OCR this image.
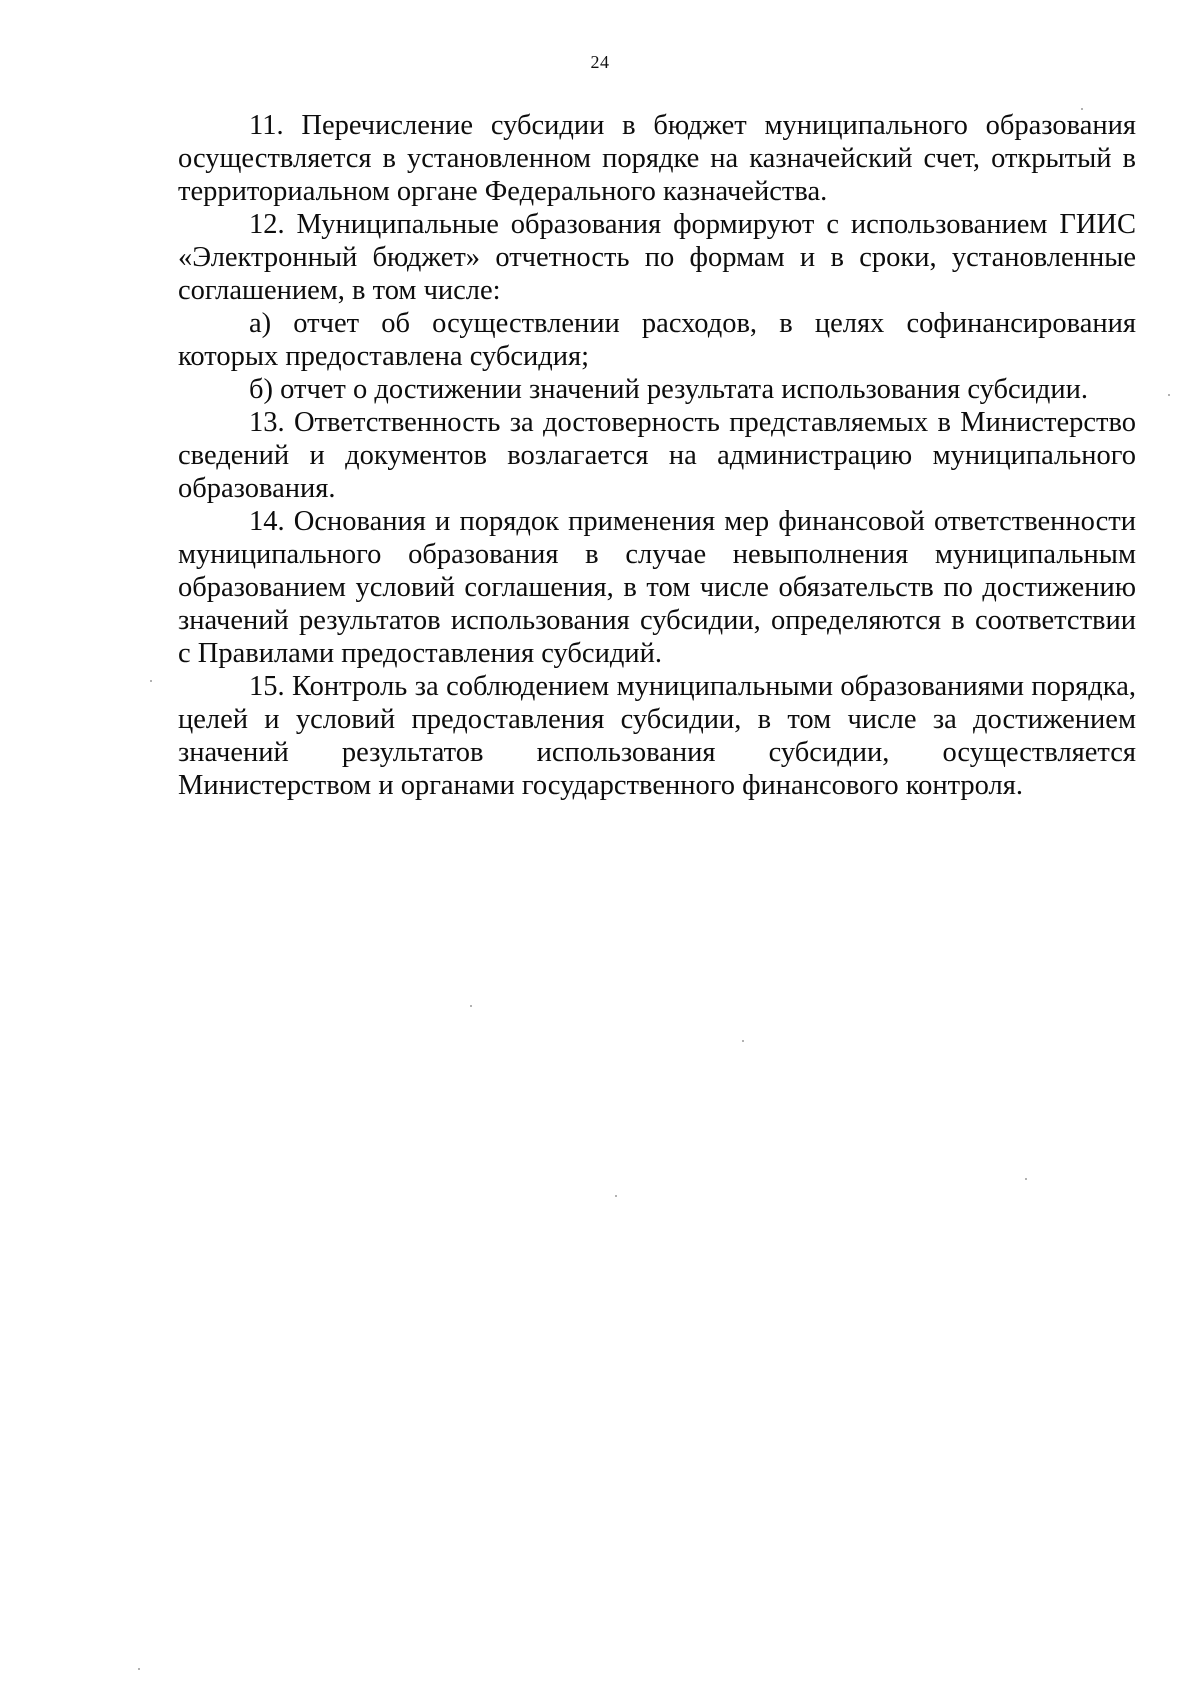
24

11. Перечисление субсидии в бюджет муниципального образования осуществляется в установленном порядке на казначейский счет, открытый в территориальном органе Федерального казначейства.

12. Муниципальные образования формируют с использованием ГИИС «Электронный бюджет» отчетность по формам и в сроки, установленные соглашением, в том числе:

а) отчет об осуществлении расходов, в целях софинансирования которых предоставлена субсидия;

б) отчет о достижении значений результата использования субсидии.

13. Ответственность за достоверность представляемых в Министерство сведений и документов возлагается на администрацию муниципального образования.

14. Основания и порядок применения мер финансовой ответственности муниципального образования в случае невыполнения муниципальным образованием условий соглашения, в том числе обязательств по достижению значений результатов использования субсидии, определяются в соответствии с Правилами предоставления субсидий.

15. Контроль за соблюдением муниципальными образованиями порядка, целей и условий предоставления субсидии, в том числе за достижением значений результатов использования субсидии, осуществляется Министерством и органами государственного финансового контроля.
